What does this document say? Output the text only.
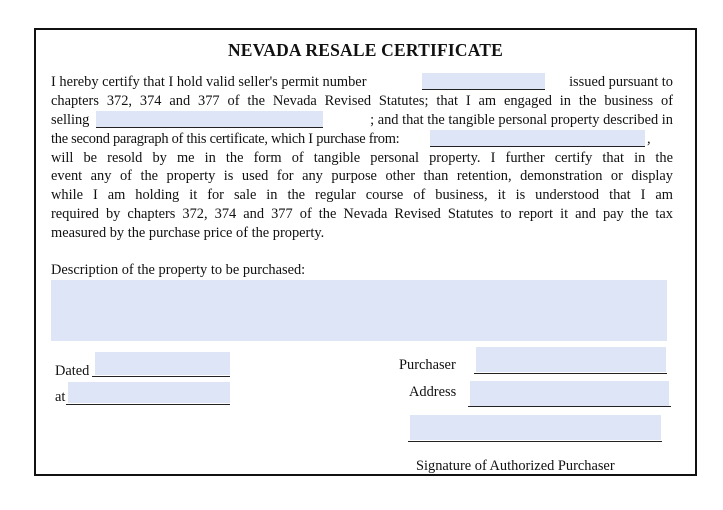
NEVADA RESALE CERTIFICATE
I hereby certify that I hold valid seller's permit number	issued pursuant to
chapters 372, 374 and 377 of the Nevada Revised Statutes; that I am engaged in the business of
selling	; and that the tangible personal property described in
the second paragraph of this certificate, which I purchase from:	,
will be resold by me in the form of tangible personal property. I further certify that in the
event any of the property is used for any purpose other than retention, demonstration or display
while I am holding it for sale in the regular course of business, it is understood that I am
required by chapters 372, 374 and 377 of the Nevada Revised Statutes to report it and pay the tax
measured by the purchase price of the property.
Description of the property to be purchased:
Dated
at
Purchaser
Address
Signature of Authorized Purchaser
